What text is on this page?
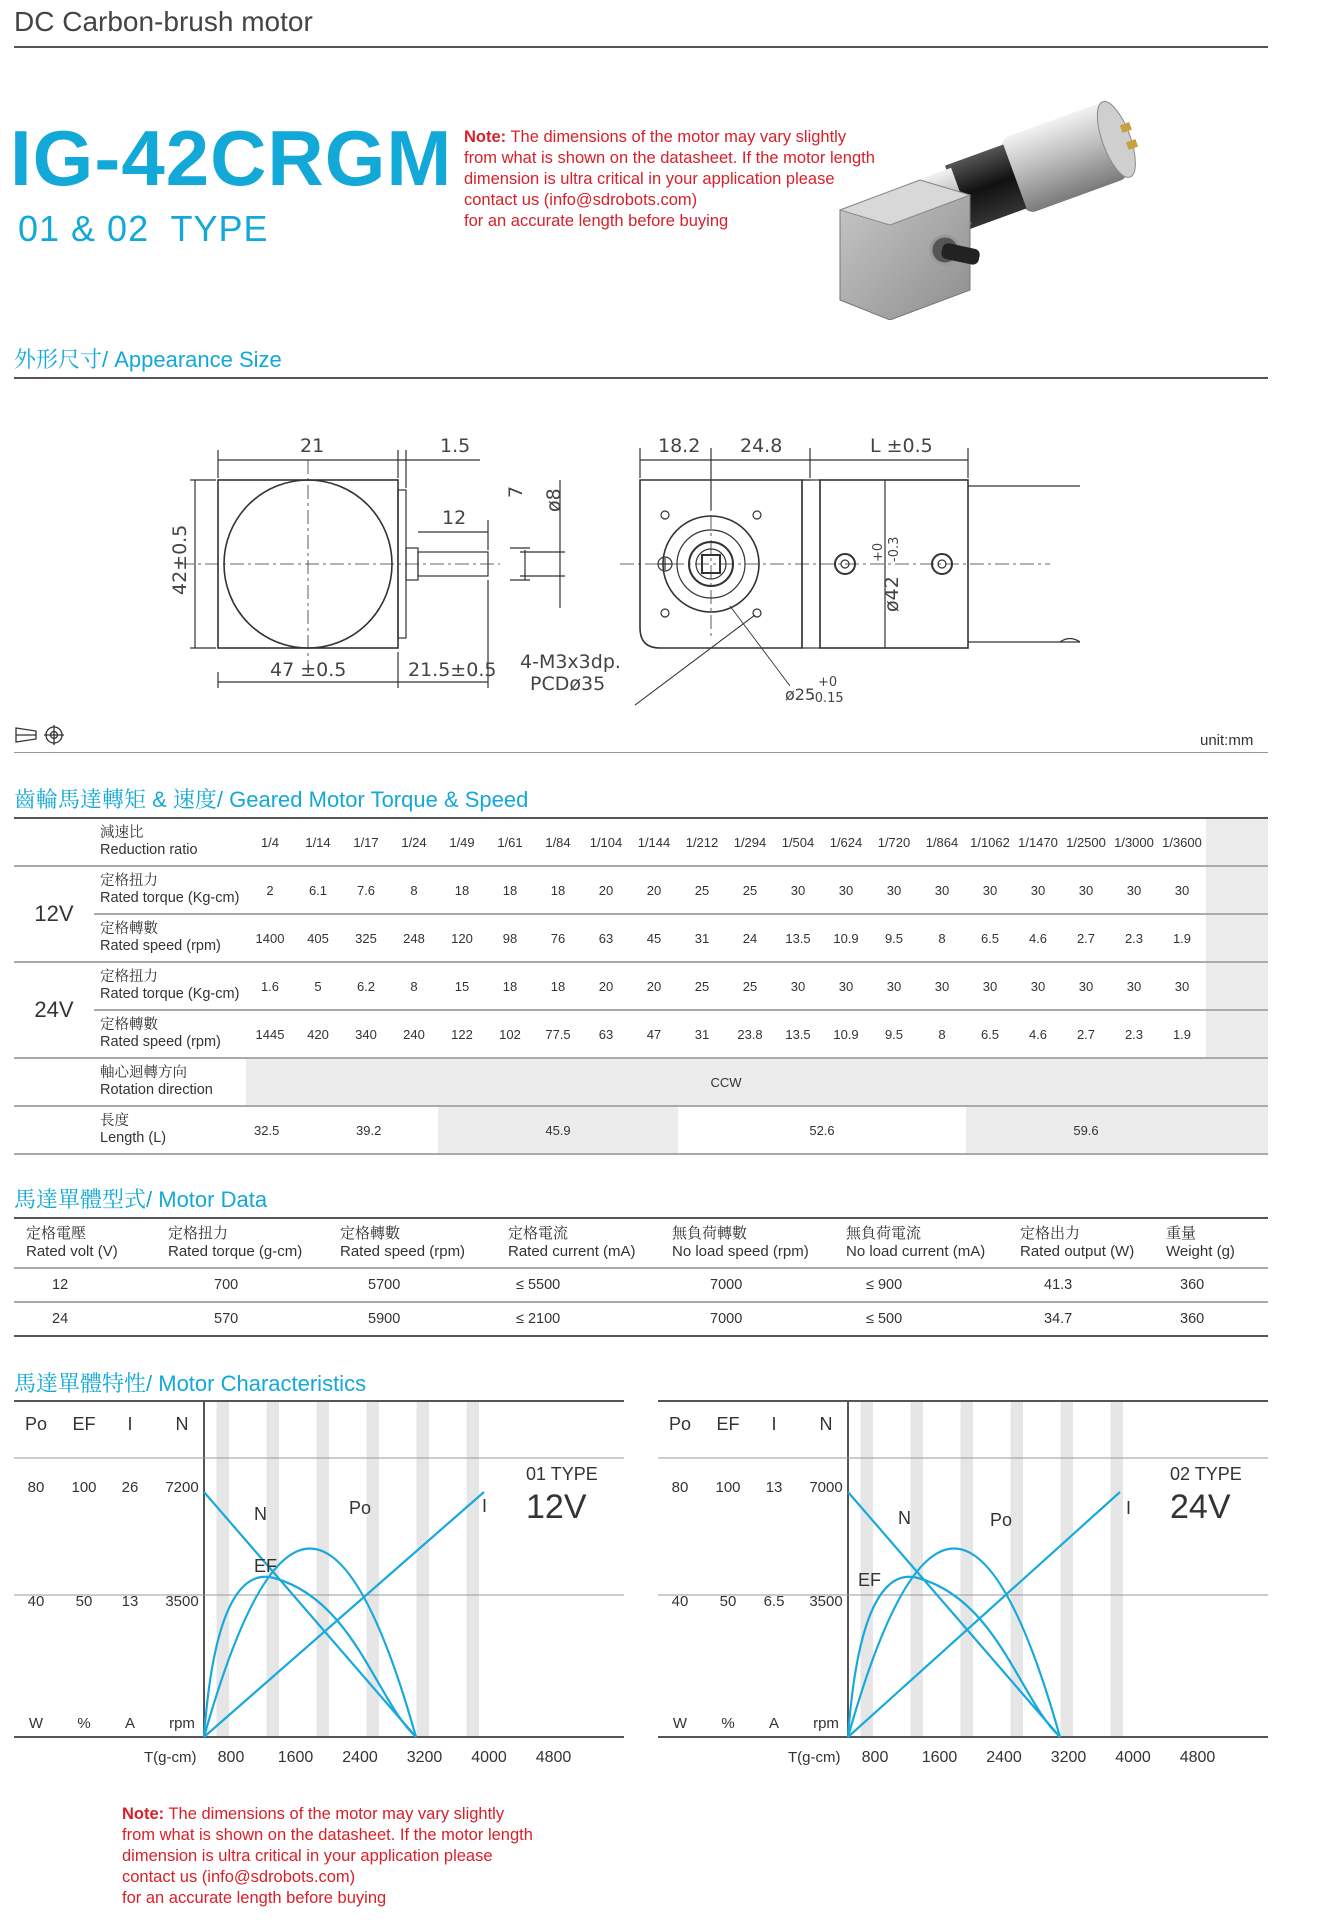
DC Carbon-brush motor
IG-42CRGM
01 & 02  TYPE
Note: The dimensions of the motor may vary slightly
from what is shown on the datasheet. If the motor length
dimension is ultra critical in your application please
contact us (info@sdrobots.com)
for an accurate length before buying
外形尺寸/ Appearance Size
21	1.5
12
47 ±0.5	21.5±0.5
42±0.5
7 ø8
18.2 24.8	L ±0.5
4-M3x3dp.
PCDø35	ø25
+0
-0.15
ø42
+0 -0.3
unit:mm
齒輪馬達轉矩 & 速度/ Geared Motor Torque & Speed

	減速比
Reduction ratio	1/4	1/14	1/17	1/24	1/49	1/61	1/84	1/104	1/144	1/212	1/294	1/504	1/624	1/720	1/864	1/1062	1/1470	1/2500	1/3000	1/3600	
12V	定格扭力
Rated torque (Kg-cm)	2	6.1	7.6	8	18	18	18	20	20	25	25	30	30	30	30	30	30	30	30	30	

	定格轉數
Rated speed (rpm)	1400	405	325	248	120	98	76	63	45	31	24	13.5	10.9	9.5	8	6.5	4.6	2.7	2.3	1.9	
24V	定格扭力
Rated torque (Kg-cm)	1.6	5	6.2	8	15	18	18	20	20	25	25	30	30	30	30	30	30	30	30	30	

	定格轉數
Rated speed (rpm)	1445	420	340	240	122	102	77.5	63	47	31	23.8	13.5	10.9	9.5	8	6.5	4.6	2.7	2.3	1.9	

	軸心迴轉方向
Rotation direction	CCW																				

	長度
Length (L)	32.5	39.2			45.9					52.6						59.6					
馬達單體型式/ Motor Data
定格電壓
Rated volt (V)	定格扭力
Rated torque (g-cm)	定格轉數
Rated speed (rpm)	定格電流
Rated current (mA)	無負荷轉數
No load speed (rpm)	無負荷電流
No load current (mA)	定格出力
Rated output (W)	重量
Weight (g)
12	700	5700	≤ 5500	7000	≤ 900	41.3	360
24	570	5900	≤ 2100	7000	≤ 500	34.7	360
馬達單體特性/ Motor Characteristics
Po EF I N
80 100 26 7200
40 50 13 3500
W % A rpm
T(g-cm) 800 1600 2400 3200 4000 4800
01 TYPE
12V
N	Po	I
EF
Po EF I N
80 100 13 7000
40 50 6.5 3500
W % A rpm
T(g-cm) 800 1600 2400 3200 4000 4800
02 TYPE
24V
N	Po
I
EF
Note: The dimensions of the motor may vary slightly
from what is shown on the datasheet. If the motor length
dimension is ultra critical in your application please
contact us (info@sdrobots.com)
for an accurate length before buying
